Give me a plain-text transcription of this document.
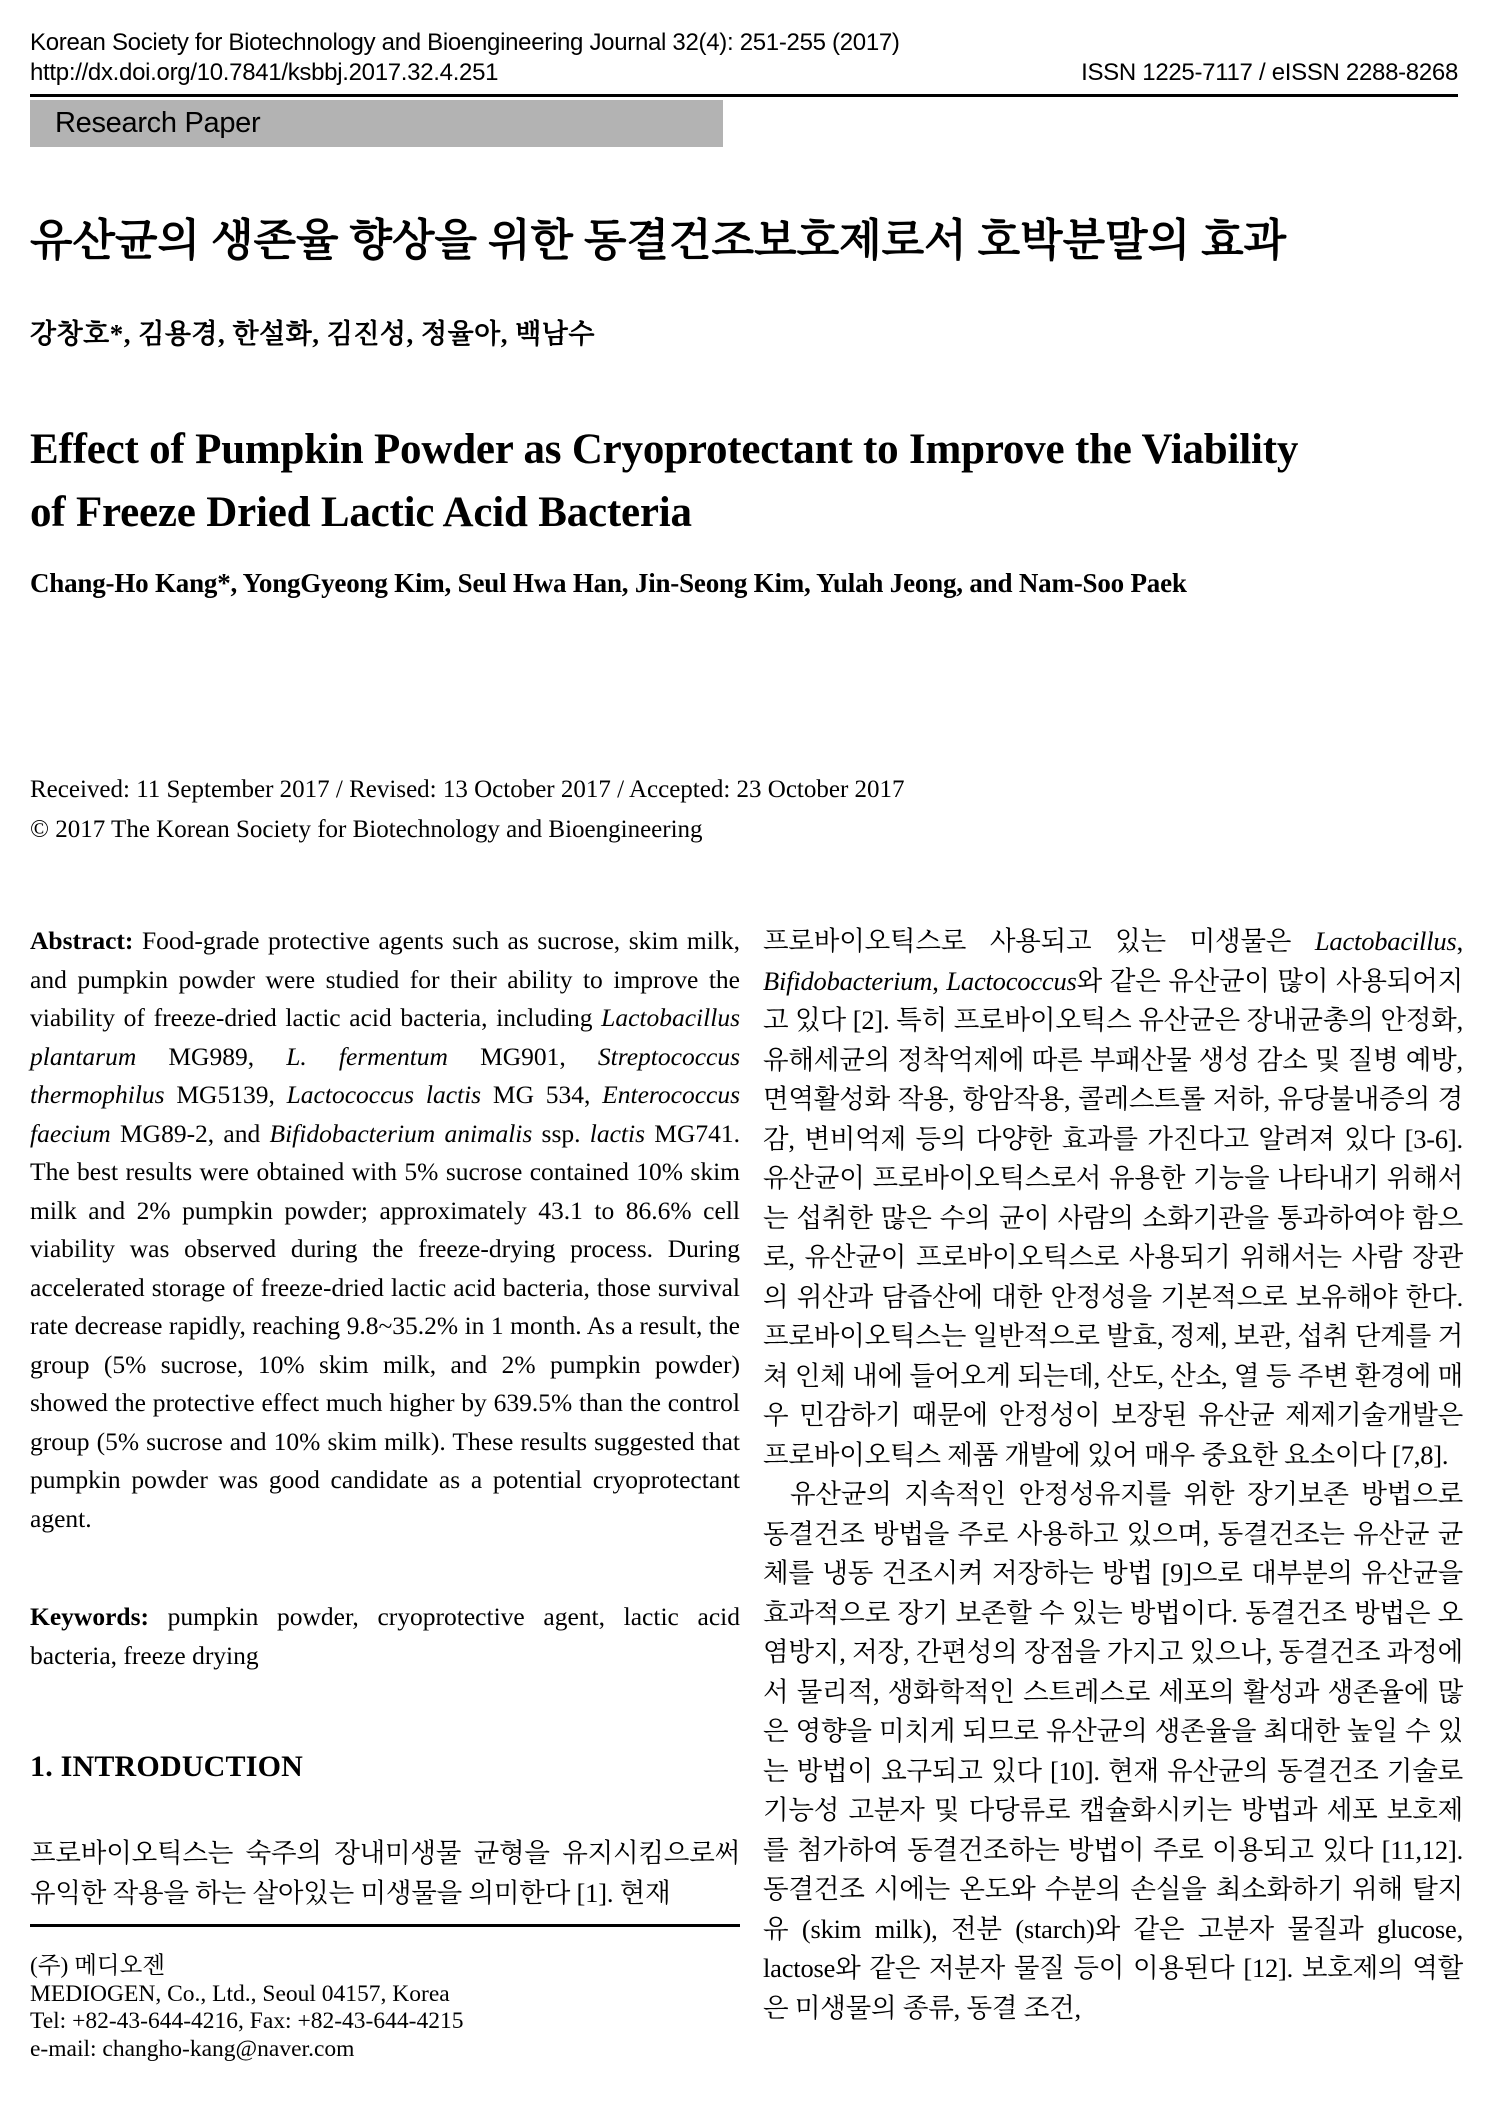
Korean Society for Biotechnology and Bioengineering Journal 32(4): 251-255 (2017)
http://dx.doi.org/10.7841/ksbbj.2017.32.4.251	ISSN 1225-7117 / eISSN 2288-8268
Research Paper
유산균의 생존율 향상을 위한 동결건조보호제로서 호박분말의 효과
강창호*, 김용경, 한설화, 김진성, 정율아, 백남수
Effect of Pumpkin Powder as Cryoprotectant to Improve the Viability
of Freeze Dried Lactic Acid Bacteria
Chang-Ho Kang*, YongGyeong Kim, Seul Hwa Han, Jin-Seong Kim, Yulah Jeong, and Nam-Soo Paek
Received: 11 September 2017 / Revised: 13 October 2017 / Accepted: 23 October 2017
© 2017 The Korean Society for Biotechnology and Bioengineering

Abstract: Food-grade protective agents such as sucrose, skim milk, and pumpkin powder were studied for their ability to improve the viability of freeze-dried lactic acid bacteria, including Lactobacillus plantarum MG989, L. fermentum MG901, Streptococcus thermophilus MG5139, Lactococcus lactis MG 534, Enterococcus faecium MG89-2, and Bifidobacterium animalis ssp. lactis MG741. The best results were obtained with 5% sucrose contained 10% skim milk and 2% pumpkin powder; approximately 43.1 to 86.6% cell viability was observed during the freeze-drying process. During accelerated storage of freeze-dried lactic acid bacteria, those survival rate decrease rapidly, reaching 9.8~35.2% in 1 month. As a result, the group (5% sucrose, 10% skim milk, and 2% pumpkin powder) showed the protective effect much higher by 639.5% than the control group (5% sucrose and 10% skim milk). These results suggested that pumpkin powder was good candidate as a potential cryoprotectant agent.

Keywords: pumpkin powder, cryoprotective agent, lactic acid bacteria, freeze drying

1. INTRODUCTION

프로바이오틱스는 숙주의 장내미생물 균형을 유지시킴으로써 유익한 작용을 하는 살아있는 미생물을 의미한다 [1]. 현재

(주) 메디오젠
MEDIOGEN, Co., Ltd., Seoul 04157, Korea
Tel: +82-43-644-4216, Fax: +82-43-644-4215
e-mail: changho-kang@naver.com

프로바이오틱스로 사용되고 있는 미생물은 Lactobacillus, Bifidobacterium, Lactococcus와 같은 유산균이 많이 사용되어지고 있다 [2]. 특히 프로바이오틱스 유산균은 장내균총의 안정화, 유해세균의 정착억제에 따른 부패산물 생성 감소 및 질병 예방, 면역활성화 작용, 항암작용, 콜레스트롤 저하, 유당불내증의 경감, 변비억제 등의 다양한 효과를 가진다고 알려져 있다 [3-6]. 유산균이 프로바이오틱스로서 유용한 기능을 나타내기 위해서는 섭취한 많은 수의 균이 사람의 소화기관을 통과하여야 함으로, 유산균이 프로바이오틱스로 사용되기 위해서는 사람 장관의 위산과 담즙산에 대한 안정성을 기본적으로 보유해야 한다. 프로바이오틱스는 일반적으로 발효, 정제, 보관, 섭취 단계를 거쳐 인체 내에 들어오게 되는데, 산도, 산소, 열 등 주변 환경에 매우 민감하기 때문에 안정성이 보장된 유산균 제제기술개발은 프로바이오틱스 제품 개발에 있어 매우 중요한 요소이다 [7,8].

유산균의 지속적인 안정성유지를 위한 장기보존 방법으로 동결건조 방법을 주로 사용하고 있으며, 동결건조는 유산균 균체를 냉동 건조시켜 저장하는 방법 [9]으로 대부분의 유산균을 효과적으로 장기 보존할 수 있는 방법이다. 동결건조 방법은 오염방지, 저장, 간편성의 장점을 가지고 있으나, 동결건조 과정에서 물리적, 생화학적인 스트레스로 세포의 활성과 생존율에 많은 영향을 미치게 되므로 유산균의 생존율을 최대한 높일 수 있는 방법이 요구되고 있다 [10]. 현재 유산균의 동결건조 기술로 기능성 고분자 및 다당류로 캡슐화시키는 방법과 세포 보호제를 첨가하여 동결건조하는 방법이 주로 이용되고 있다 [11,12]. 동결건조 시에는 온도와 수분의 손실을 최소화하기 위해 탈지유 (skim milk), 전분 (starch)와 같은 고분자 물질과 glucose, lactose와 같은 저분자 물질 등이 이용된다 [12]. 보호제의 역할은 미생물의 종류, 동결 조건,
